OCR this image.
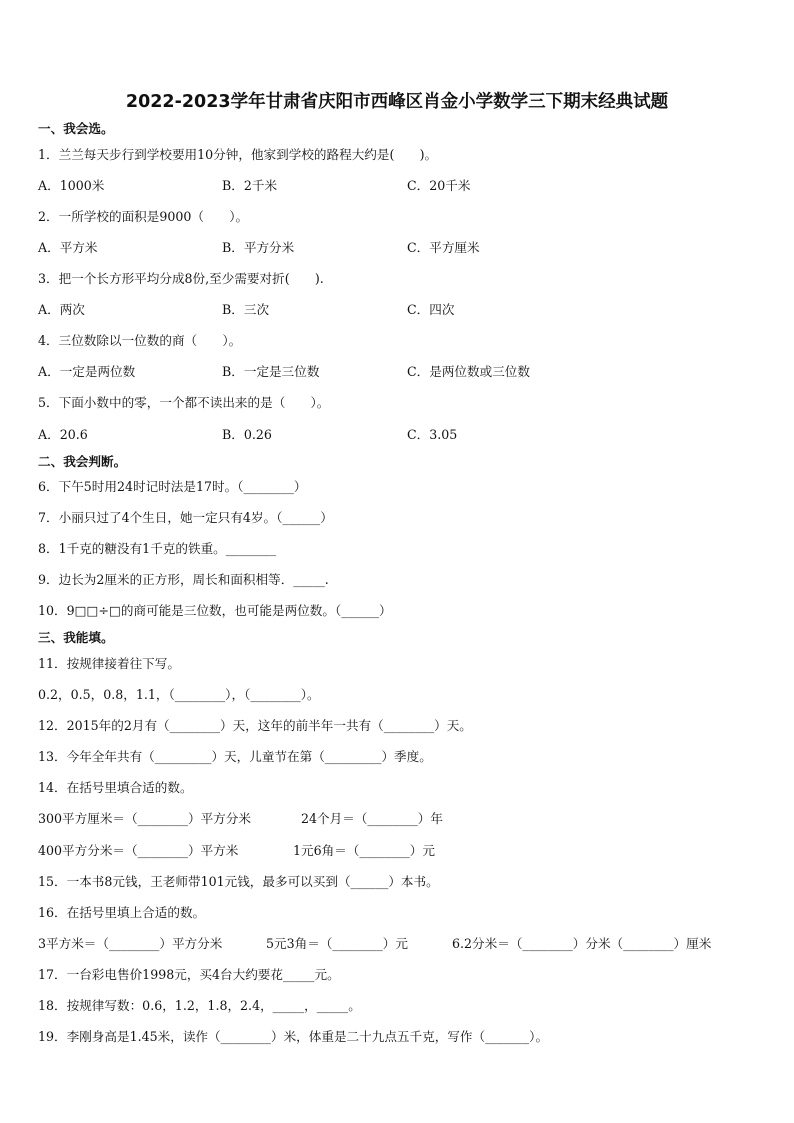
2022-2023学年甘肃省庆阳市西峰区肖金小学数学三下期末经典试题
一、我会选。
1．兰兰每天步行到学校要用10分钟，他家到学校的路程大约是(　　)。
A．1000米	B．2千米	C．20千米
2．一所学校的面积是9000（　　）。
A．平方米	B．平方分米	C．平方厘米
3．把一个长方形平均分成8份,至少需要对折(　　).
A．两次	B．三次	C．四次
4．三位数除以一位数的商（　　）。
A．一定是两位数	B．一定是三位数	C．是两位数或三位数
5．下面小数中的零，一个都不读出来的是（　　）。
A．20.6	B．0.26	C．3.05
二、我会判断。
6．下午5时用24时记时法是17时。（________）
7．小丽只过了4个生日，她一定只有4岁。（______）
8．1千克的糖没有1千克的铁重。________
9．边长为2厘米的正方形，周长和面积相等．_____.
10．9□□÷□的商可能是三位数，也可能是两位数。（______）
三、我能填。
11．按规律接着往下写。
0.2，0.5，0.8，1.1，（________），（________）。
12．2015年的2月有（________）天，这年的前半年一共有（________）天。
13．今年全年共有（_________）天，儿童节在第（_________）季度。
14．在括号里填合适的数。
300平方厘米＝（________）平方分米	24个月＝（________）年
400平方分米＝（________）平方米	1元6角＝（________）元
15．一本书8元钱，王老师带101元钱，最多可以买到（______）本书。
16．在括号里填上合适的数。
3平方米＝（________）平方分米	5元3角＝（________）元	6.2分米＝（________）分米（________）厘米
17．一台彩电售价1998元，买4台大约要花_____元。
18．按规律写数：0.6，1.2，1.8，2.4，_____，_____。
19．李刚身高是1.45米，读作（________）米，体重是二十九点五千克，写作（_______）。
